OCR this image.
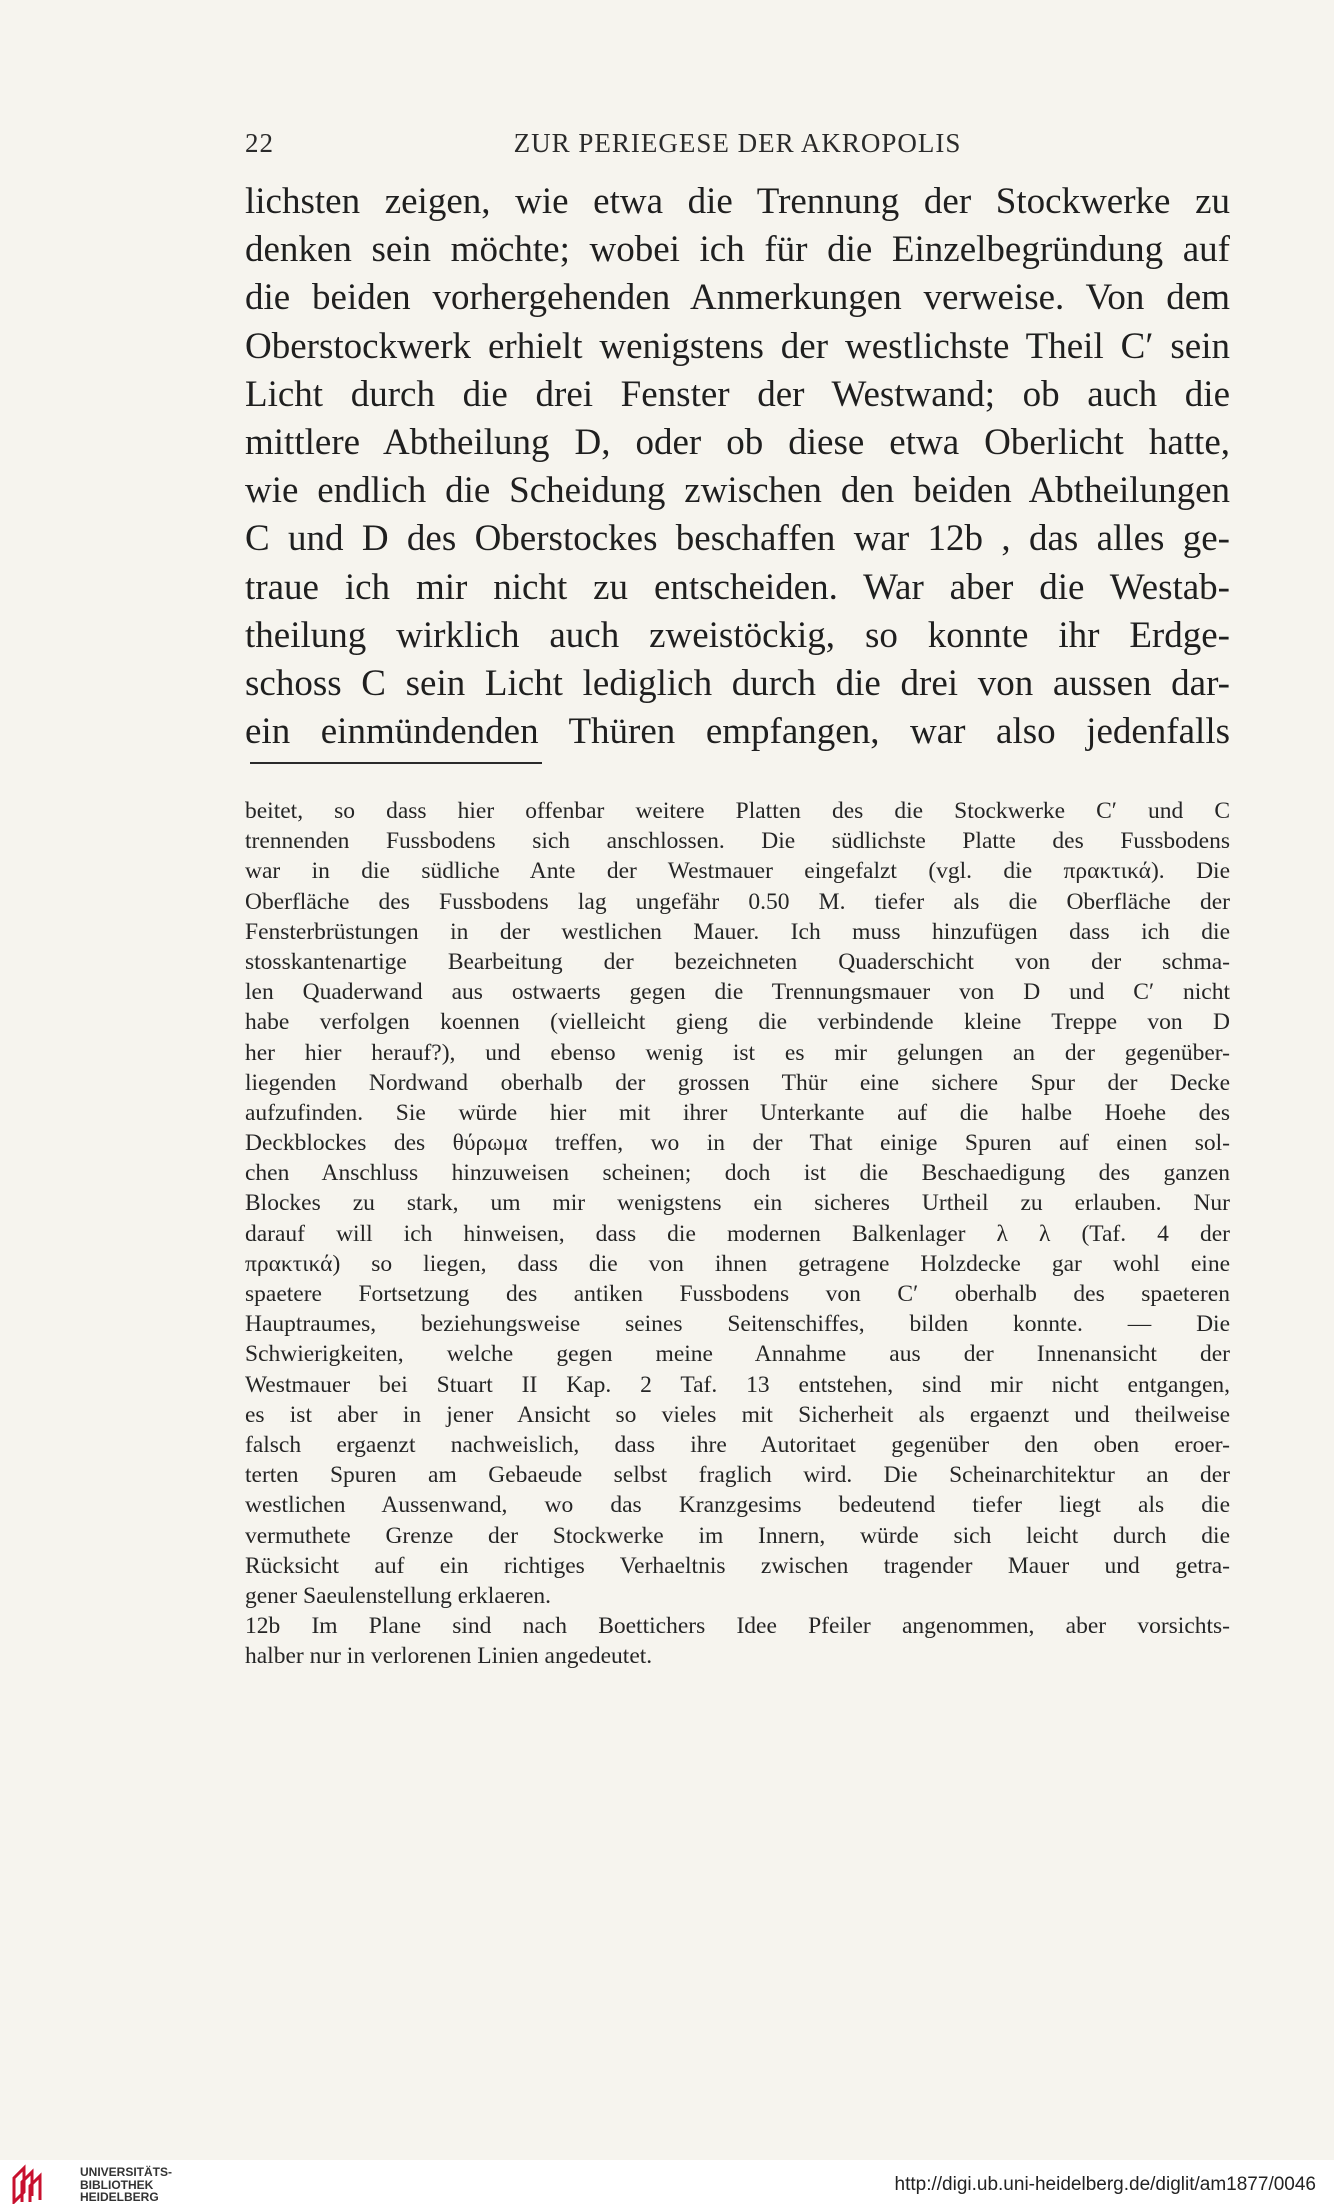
22	ZUR PERIEGESE DER AKROPOLIS
lichsten zeigen, wie etwa die Trennung der Stockwerke zu
denken sein möchte; wobei ich für die Einzelbegründung auf
die beiden vorhergehenden Anmerkungen verweise. Von dem
Oberstockwerk erhielt wenigstens der westlichste Theil C′ sein
Licht durch die drei Fenster der Westwand; ob auch die
mittlere Abtheilung D, oder ob diese etwa Oberlicht hatte,
wie endlich die Scheidung zwischen den beiden Abtheilungen
C und D des Oberstockes beschaffen war 12b , das alles ge-
traue ich mir nicht zu entscheiden. War aber die Westab-
theilung wirklich auch zweistöckig, so konnte ihr Erdge-
schoss C sein Licht lediglich durch die drei von aussen dar-
ein einmündenden Thüren empfangen, war also jedenfalls
beitet, so dass hier offenbar weitere Platten des die Stockwerke C′ und C
trennenden Fussbodens sich anschlossen. Die südlichste Platte des Fussbodens
war in die südliche Ante der Westmauer eingefalzt (vgl. die πρακτικά). Die
Oberfläche des Fussbodens lag ungefähr 0.50 M. tiefer als die Oberfläche der
Fensterbrüstungen in der westlichen Mauer. Ich muss hinzufügen dass ich die
stosskantenartige Bearbeitung der bezeichneten Quaderschicht von der schma-
len Quaderwand aus ostwaerts gegen die Trennungsmauer von D und C′ nicht
habe verfolgen koennen (vielleicht gieng die verbindende kleine Treppe von D
her hier herauf?), und ebenso wenig ist es mir gelungen an der gegenüber-
liegenden Nordwand oberhalb der grossen Thür eine sichere Spur der Decke
aufzufinden. Sie würde hier mit ihrer Unterkante auf die halbe Hoehe des
Deckblockes des θύρωμα treffen, wo in der That einige Spuren auf einen sol-
chen Anschluss hinzuweisen scheinen; doch ist die Beschaedigung des ganzen
Blockes zu stark, um mir wenigstens ein sicheres Urtheil zu erlauben. Nur
darauf will ich hinweisen, dass die modernen Balkenlager λ λ (Taf. 4 der
πρακτικά) so liegen, dass die von ihnen getragene Holzdecke gar wohl eine
spaetere Fortsetzung des antiken Fussbodens von C′ oberhalb des spaeteren
Hauptraumes, beziehungsweise seines Seitenschiffes, bilden konnte. — Die
Schwierigkeiten, welche gegen meine Annahme aus der Innenansicht der
Westmauer bei Stuart II Kap. 2 Taf. 13 entstehen, sind mir nicht entgangen,
es ist aber in jener Ansicht so vieles mit Sicherheit als ergaenzt und theilweise
falsch ergaenzt nachweislich, dass ihre Autoritaet gegenüber den oben eroer-
terten Spuren am Gebaeude selbst fraglich wird. Die Scheinarchitektur an der
westlichen Aussenwand, wo das Kranzgesims bedeutend tiefer liegt als die
vermuthete Grenze der Stockwerke im Innern, würde sich leicht durch die
Rücksicht auf ein richtiges Verhaeltnis zwischen tragender Mauer und getra-
gener Saeulenstellung erklaeren.
12b Im Plane sind nach Boettichers Idee Pfeiler angenommen, aber vorsichts-
halber nur in verlorenen Linien angedeutet.
UNIVERSITÄTS-
BIBLIOTHEK
HEIDELBERG
http://digi.ub.uni-heidelberg.de/diglit/am1877/0046
